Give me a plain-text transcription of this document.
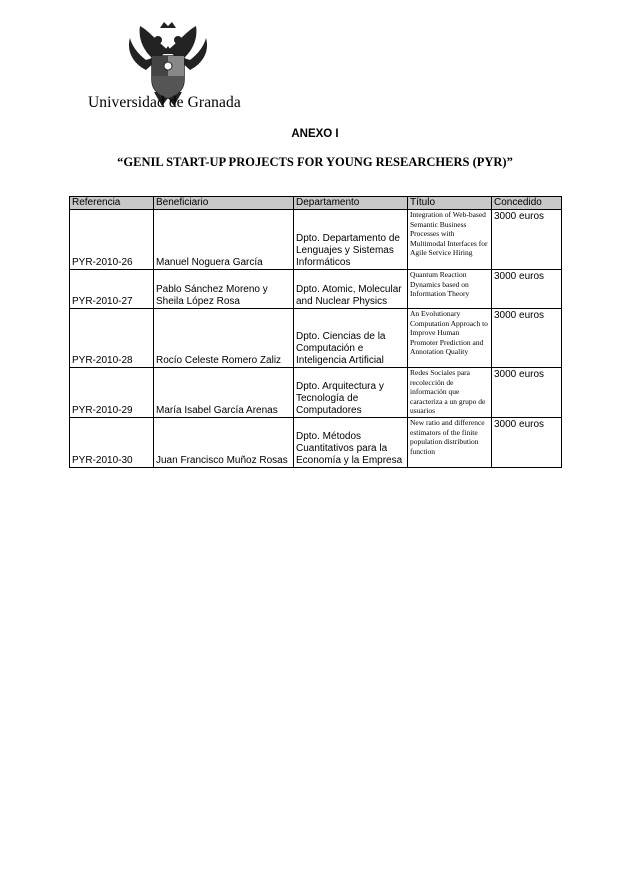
Universidad de Granada
ANEXO I
“GENIL START-UP PROJECTS FOR YOUNG RESEARCHERS (PYR)”
Referencia	Beneficiario	Departamento	Título	Concedido
PYR-2010-26	Manuel Noguera García	Dpto. Departamento de Lenguajes y Sistemas Informáticos	Integration of Web-based Semantic Business Processes with Multimodal Interfaces for Agile Service Hiring	3000 euros
PYR-2010-27	Pablo Sánchez Moreno y Sheila López Rosa	Dpto. Atomic, Molecular and Nuclear Physics	Quantum Reaction Dynamics based on Information Theory	3000 euros
PYR-2010-28	Rocío Celeste Romero Zaliz	Dpto. Ciencias de la Computación e Inteligencia Artificial	An Evolutionary Computation Approach to Improve Human Promoter Prediction and Annotation Quality	3000 euros
PYR-2010-29	María Isabel García Arenas	Dpto. Arquitectura y Tecnología de Computadores	Redes Sociales para recolección de información que caracteriza a un grupo de usuarios	3000 euros
PYR-2010-30	Juan Francisco Muñoz Rosas	Dpto. Métodos Cuantitativos para la Economía y la Empresa	New ratio and difference estimators of the finite population distribution function	3000 euros
